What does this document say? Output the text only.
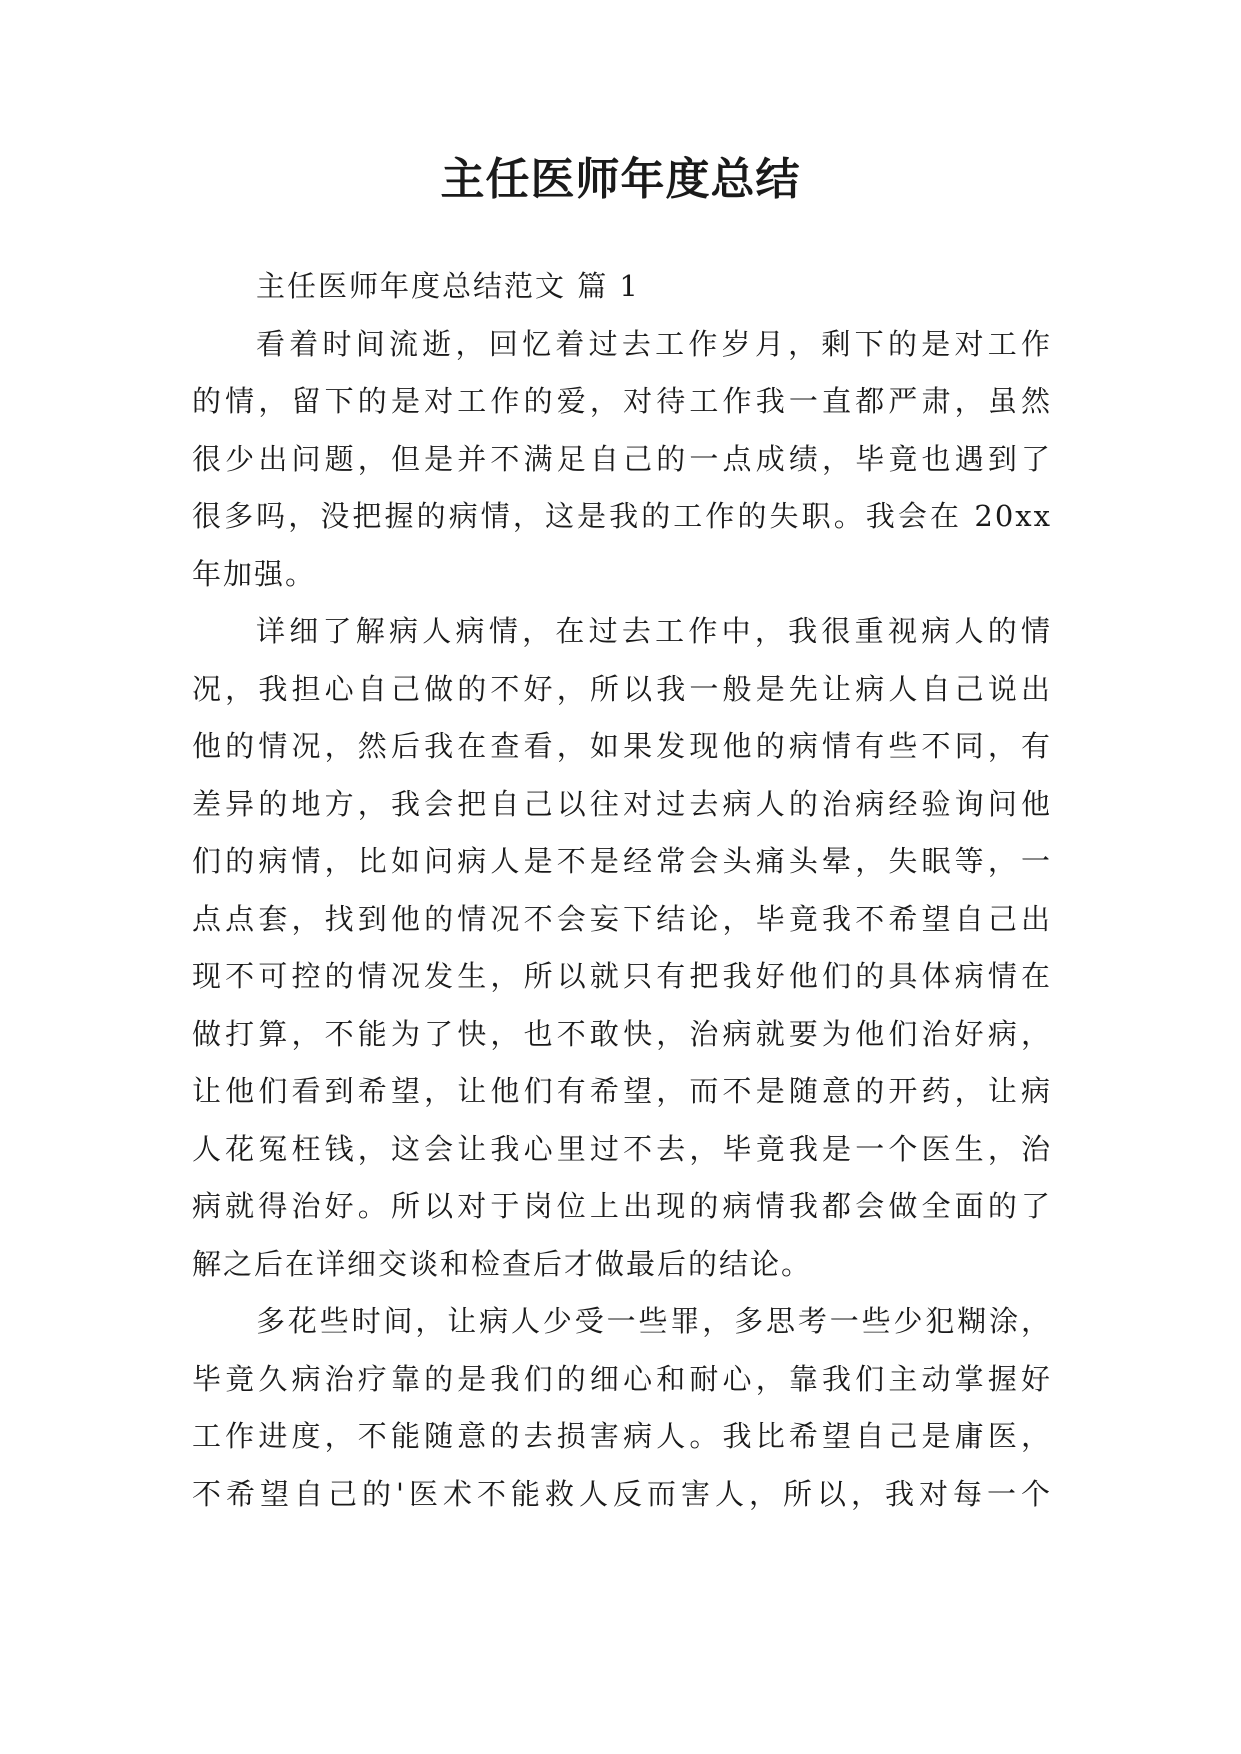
主任医师年度总结
主任医师年度总结范文 篇 1
看着时间流逝，回忆着过去工作岁月，剩下的是对工作
的情，留下的是对工作的爱，对待工作我一直都严肃，虽然
很少出问题，但是并不满足自己的一点成绩，毕竟也遇到了
很多吗，没把握的病情，这是我的工作的失职。我会在 20xx
年加强。
详细了解病人病情，在过去工作中，我很重视病人的情
况，我担心自己做的不好，所以我一般是先让病人自己说出
他的情况，然后我在查看，如果发现他的病情有些不同，有
差异的地方，我会把自己以往对过去病人的治病经验询问他
们的病情，比如问病人是不是经常会头痛头晕，失眠等，一
点点套，找到他的情况不会妄下结论，毕竟我不希望自己出
现不可控的情况发生，所以就只有把我好他们的具体病情在
做打算，不能为了快，也不敢快，治病就要为他们治好病，
让他们看到希望，让他们有希望，而不是随意的开药，让病
人花冤枉钱，这会让我心里过不去，毕竟我是一个医生，治
病就得治好。所以对于岗位上出现的病情我都会做全面的了
解之后在详细交谈和检查后才做最后的结论。
多花些时间，让病人少受一些罪，多思考一些少犯糊涂，
毕竟久病治疗靠的是我们的细心和耐心，靠我们主动掌握好
工作进度，不能随意的去损害病人。我比希望自己是庸医，
不希望自己的'医术不能救人反而害人，所以，我对每一个
